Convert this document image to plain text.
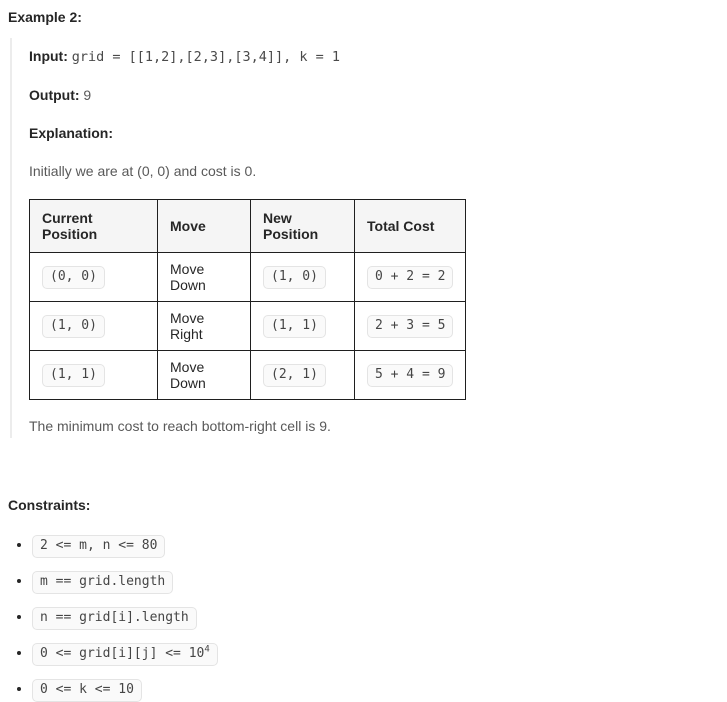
Example 2:

Input: grid = [[1,2],[2,3],[3,4]], k = 1

Output: 9

Explanation:

Initially we are at (0, 0) and cost is 0.

Current Position	Move	New Position	Total Cost
(0, 0)	Move Down	(1, 0)	0 + 2 = 2
(1, 0)	Move Right	(1, 1)	2 + 3 = 5
(1, 1)	Move Down	(2, 1)	5 + 4 = 9

The minimum cost to reach bottom-right cell is 9.

Constraints:
• 2 <= m, n <= 80
• m == grid.length
• n == grid[i].length
• 0 <= grid[i][j] <= $10^4$
• 0 <= k <= 10
